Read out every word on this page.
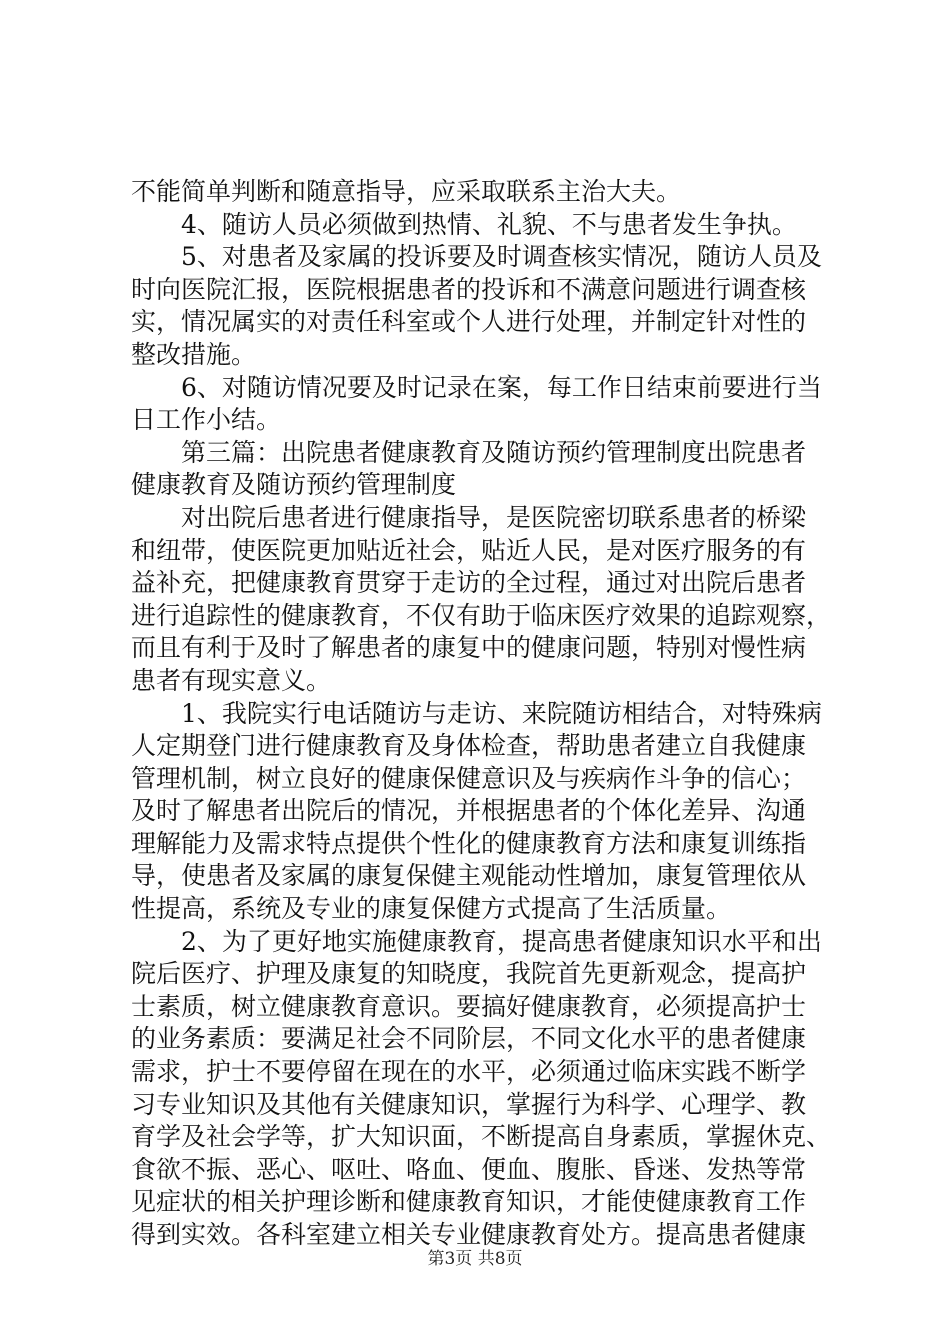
不能简单判断和随意指导，应采取联系主治大夫。
4、随访人员必须做到热情、礼貌、不与患者发生争执。
5、对患者及家属的投诉要及时调查核实情况，随访人员及
时向医院汇报，医院根据患者的投诉和不满意问题进行调查核
实，情况属实的对责任科室或个人进行处理，并制定针对性的
整改措施。
6、对随访情况要及时记录在案，每工作日结束前要进行当
日工作小结。
第三篇：出院患者健康教育及随访预约管理制度出院患者
健康教育及随访预约管理制度
对出院后患者进行健康指导，是医院密切联系患者的桥梁
和纽带，使医院更加贴近社会，贴近人民，是对医疗服务的有
益补充，把健康教育贯穿于走访的全过程，通过对出院后患者
进行追踪性的健康教育，不仅有助于临床医疗效果的追踪观察，
而且有利于及时了解患者的康复中的健康问题，特别对慢性病
患者有现实意义。
1、我院实行电话随访与走访、来院随访相结合，对特殊病
人定期登门进行健康教育及身体检查，帮助患者建立自我健康
管理机制，树立良好的健康保健意识及与疾病作斗争的信心；
及时了解患者出院后的情况，并根据患者的个体化差异、沟通
理解能力及需求特点提供个性化的健康教育方法和康复训练指
导，使患者及家属的康复保健主观能动性增加，康复管理依从
性提高，系统及专业的康复保健方式提高了生活质量。
2、为了更好地实施健康教育，提高患者健康知识水平和出
院后医疗、护理及康复的知晓度，我院首先更新观念，提高护
士素质，树立健康教育意识。要搞好健康教育，必须提高护士
的业务素质：要满足社会不同阶层，不同文化水平的患者健康
需求，护士不要停留在现在的水平，必须通过临床实践不断学
习专业知识及其他有关健康知识，掌握行为科学、心理学、教
育学及社会学等，扩大知识面，不断提高自身素质，掌握休克、
食欲不振、恶心、呕吐、咯血、便血、腹胀、昏迷、发热等常
见症状的相关护理诊断和健康教育知识，才能使健康教育工作
得到实效。各科室建立相关专业健康教育处方。提高患者健康
第3页 共8页
